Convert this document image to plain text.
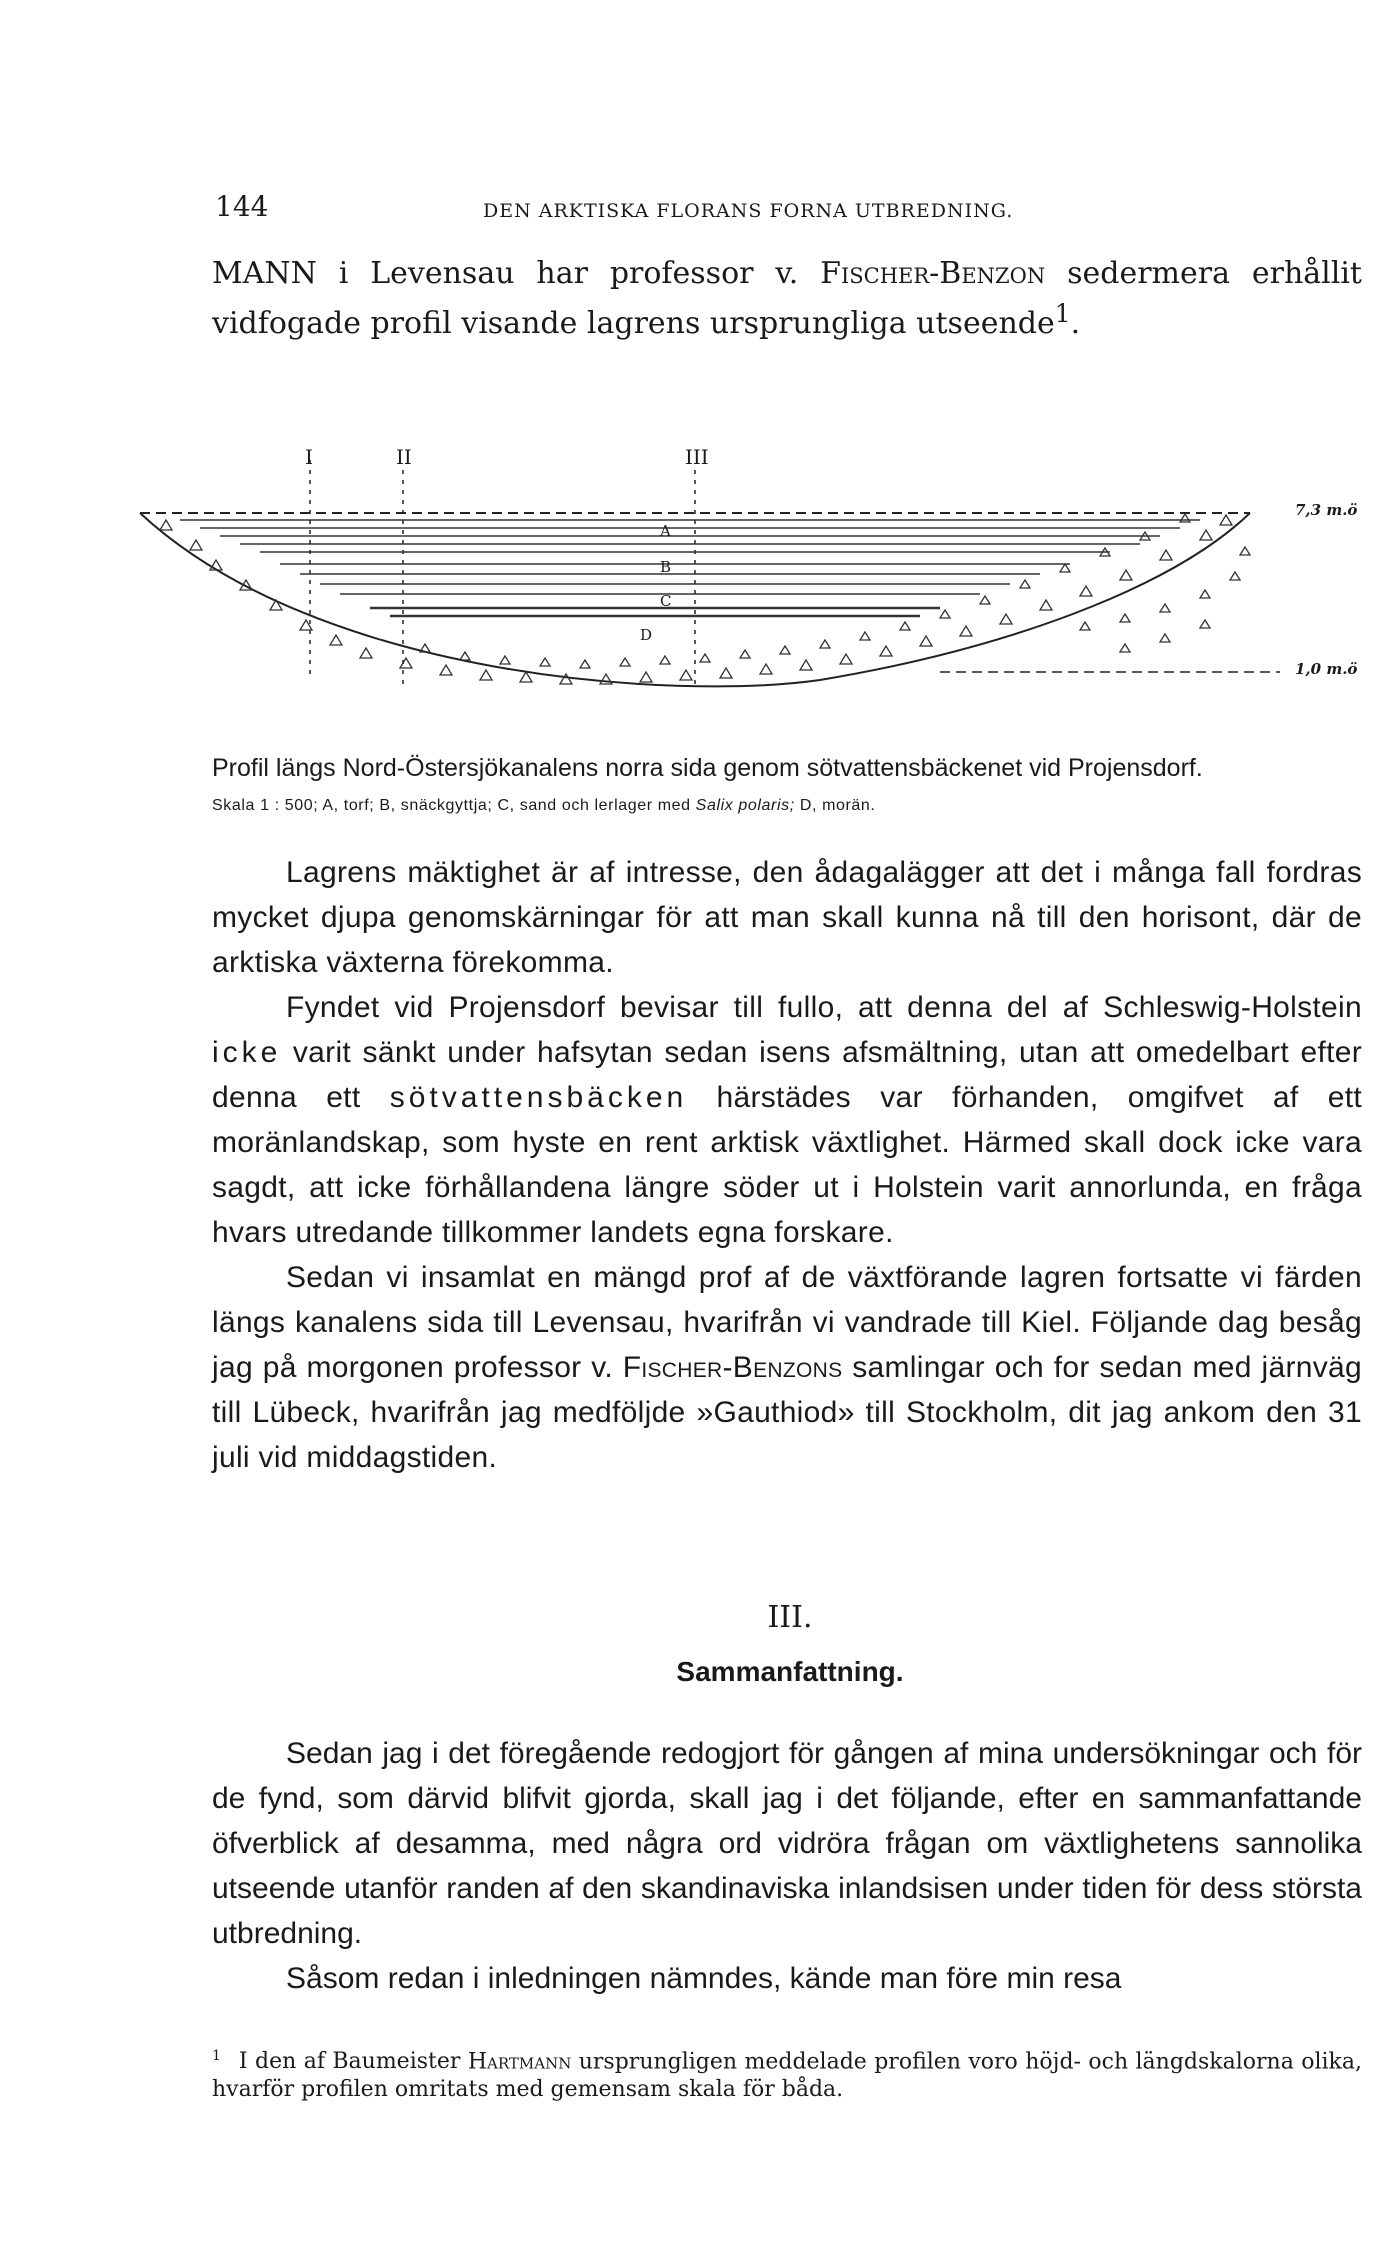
144	DEN ARKTISKA FLORANS FORNA UTBREDNING.
MANN i Levensau har professor v. Fischer-Benzon sedermera erhållit vidfogade profil visande lagrens ursprungliga utseende$^1$.
I	II	III
A
B
C
D
7,3 m.ö
1,0 m.ö
Profil längs Nord-Östersjökanalens norra sida genom sötvattensbäckenet vid Projensdorf.
Skala 1 : 500; A, torf; B, snäckgyttja; C, sand och lerlager med Salix polaris; D, morän.

Lagrens mäktighet är af intresse, den ådagalägger att det i många fall fordras mycket djupa genomskärningar för att man skall kunna nå till den horisont, där de arktiska växterna förekomma.

Fyndet vid Projensdorf bevisar till fullo, att denna del af Schleswig-Holstein icke varit sänkt under hafsytan sedan isens afsmältning, utan att omedelbart efter denna ett sötvattensbäcken härstädes var förhanden, omgifvet af ett moränlandskap, som hyste en rent arktisk växtlighet. Härmed skall dock icke vara sagdt, att icke förhållandena längre söder ut i Holstein varit annorlunda, en fråga hvars utredande tillkommer landets egna forskare.

Sedan vi insamlat en mängd prof af de växtförande lagren fortsatte vi färden längs kanalens sida till Levensau, hvarifrån vi vandrade till Kiel. Följande dag besåg jag på morgonen professor v. Fischer-Benzons samlingar och for sedan med järnväg till Lübeck, hvarifrån jag medföljde »Gauthiod» till Stockholm, dit jag ankom den 31 juli vid middagstiden.

III.
Sammanfattning.

Sedan jag i det föregående redogjort för gången af mina undersökningar och för de fynd, som därvid blifvit gjorda, skall jag i det följande, efter en sammanfattande öfverblick af desamma, med några ord vidröra frågan om växtlighetens sannolika utseende utanför randen af den skandinaviska inlandsisen under tiden för dess största utbredning.

Såsom redan i inledningen nämndes, kände man före min resa

$^1$ I den af Baumeister Hartmann ursprungligen meddelade profilen voro höjd- och längdskalorna olika, hvarför profilen omritats med gemensam skala för båda.
